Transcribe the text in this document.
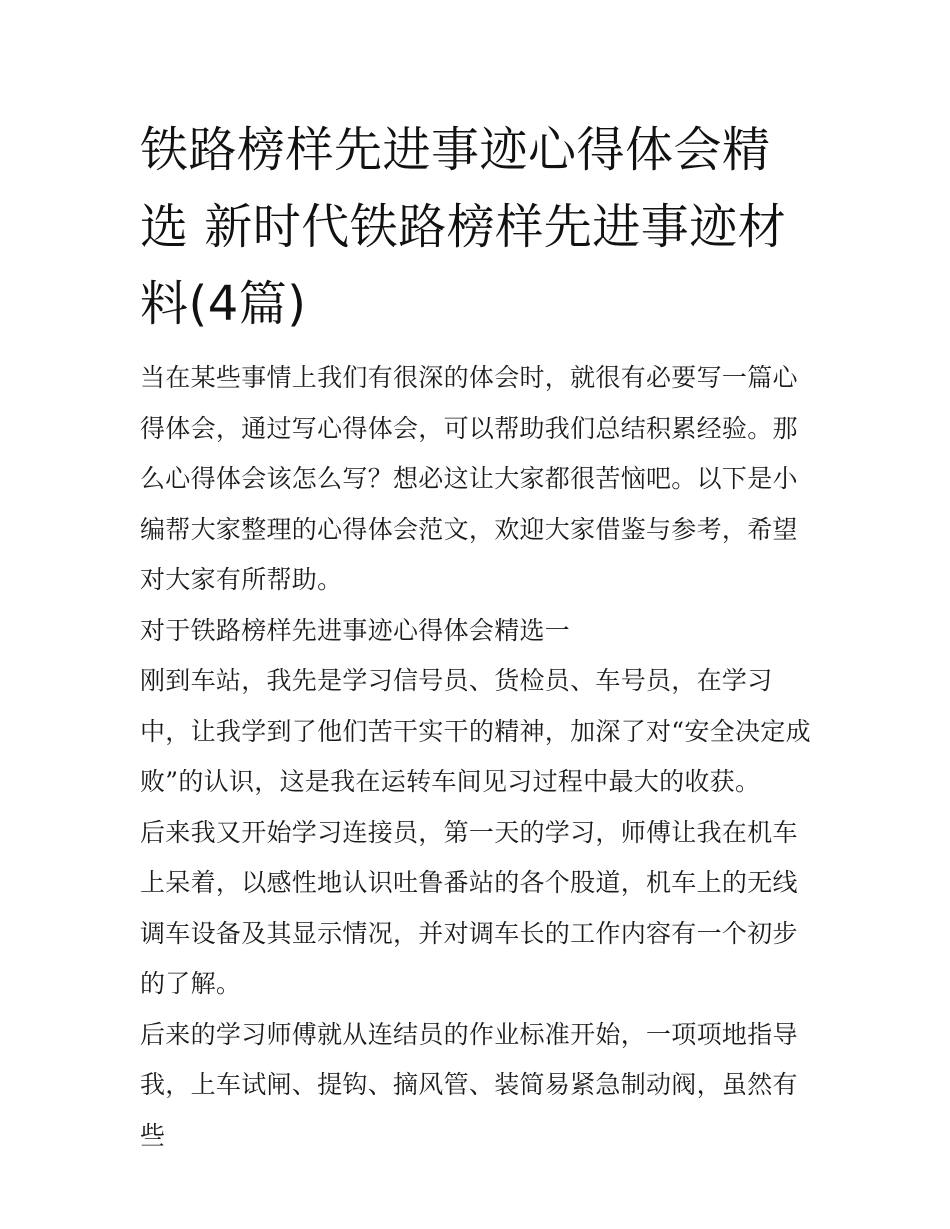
铁路榜样先进事迹心得体会精选 新时代铁路榜样先进事迹材料(4篇)

当在某些事情上我们有很深的体会时，就很有必要写一篇心得体会，通过写心得体会，可以帮助我们总结积累经验。那么心得体会该怎么写？想必这让大家都很苦恼吧。以下是小编帮大家整理的心得体会范文，欢迎大家借鉴与参考，希望对大家有所帮助。

对于铁路榜样先进事迹心得体会精选一

刚到车站，我先是学习信号员、货检员、车号员，在学习中，让我学到了他们苦干实干的精神，加深了对“安全决定成败”的认识，这是我在运转车间见习过程中最大的收获。

后来我又开始学习连接员，第一天的学习，师傅让我在机车上呆着，以感性地认识吐鲁番站的各个股道，机车上的无线调车设备及其显示情况，并对调车长的工作内容有一个初步的了解。

后来的学习师傅就从连结员的作业标准开始，一项项地指导我，上车试闸、提钩、摘风管、装简易紧急制动阀，虽然有些
